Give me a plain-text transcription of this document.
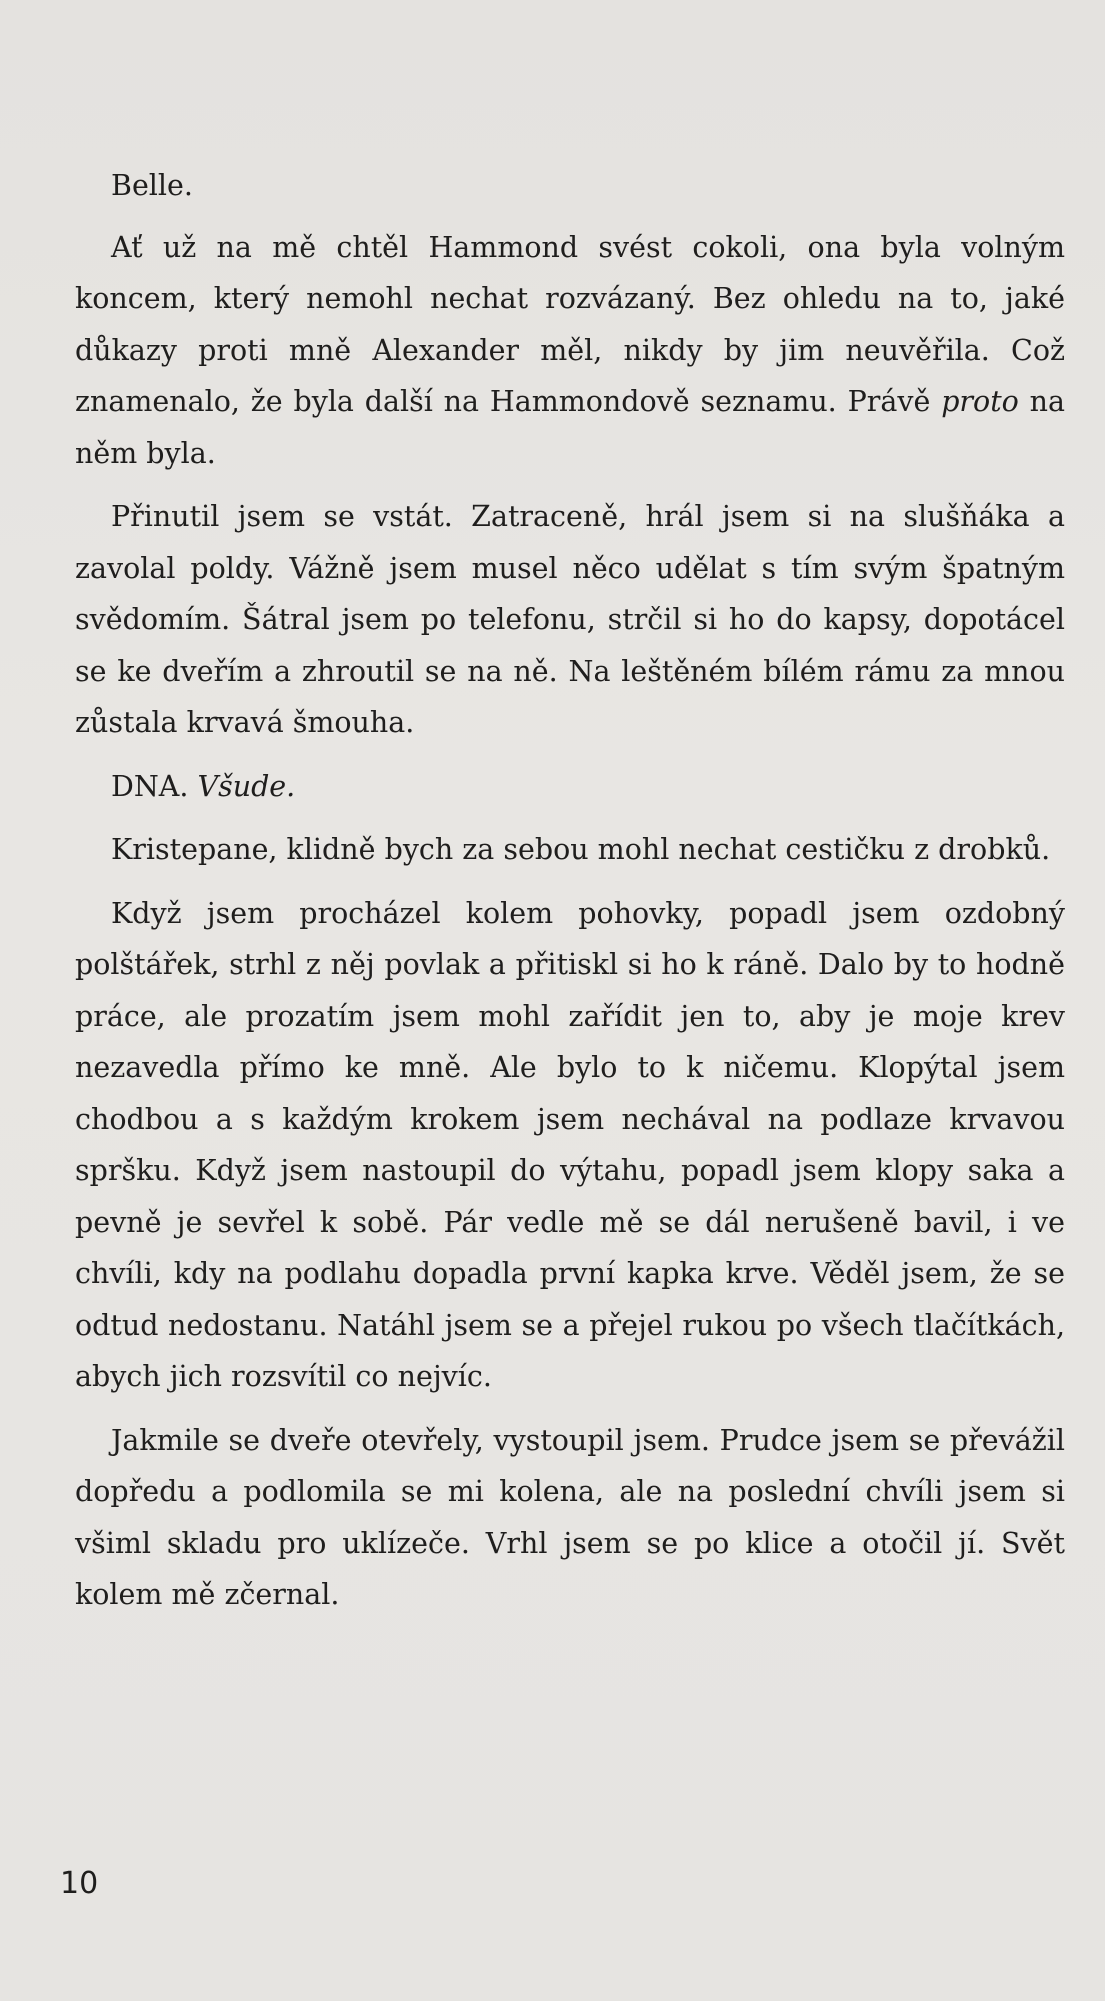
Belle.

Ať už na mě chtěl Hammond svést cokoli, ona byla volným koncem, který nemohl nechat rozvázaný. Bez ohledu na to, jaké důkazy proti mně Alexander měl, nikdy by jim neuvěřila. Což znamenalo, že byla další na Hammondově seznamu. Právě proto na něm byla.

Přinutil jsem se vstát. Zatraceně, hrál jsem si na slušňáka a zavolal poldy. Vážně jsem musel něco udělat s tím svým špatným svědomím. Šátral jsem po telefonu, strčil si ho do kapsy, dopotácel se ke dveřím a zhroutil se na ně. Na leštěném bílém rámu za mnou zůstala krvavá šmouha.

DNA. Všude.

Kristepane, klidně bych za sebou mohl nechat cestičku z drobků.

Když jsem procházel kolem pohovky, popadl jsem ozdobný polštářek, strhl z něj povlak a přitiskl si ho k ráně. Dalo by to hodně práce, ale prozatím jsem mohl zařídit jen to, aby je moje krev nezavedla přímo ke mně. Ale bylo to k ničemu. Klopýtal jsem chodbou a s každým krokem jsem nechával na podlaze krvavou spršku. Když jsem nastoupil do výtahu, popadl jsem klopy saka a pevně je sevřel k sobě. Pár vedle mě se dál nerušeně bavil, i ve chvíli, kdy na podlahu dopadla první kapka krve. Věděl jsem, že se odtud nedostanu. Natáhl jsem se a přejel rukou po všech tlačítkách, abych jich rozsvítil co nejvíc.

Jakmile se dveře otevřely, vystoupil jsem. Prudce jsem se převážil dopředu a podlomila se mi kolena, ale na poslední chvíli jsem si všiml skladu pro uklízeče. Vrhl jsem se po klice a otočil jí. Svět kolem mě zčernal.

10
